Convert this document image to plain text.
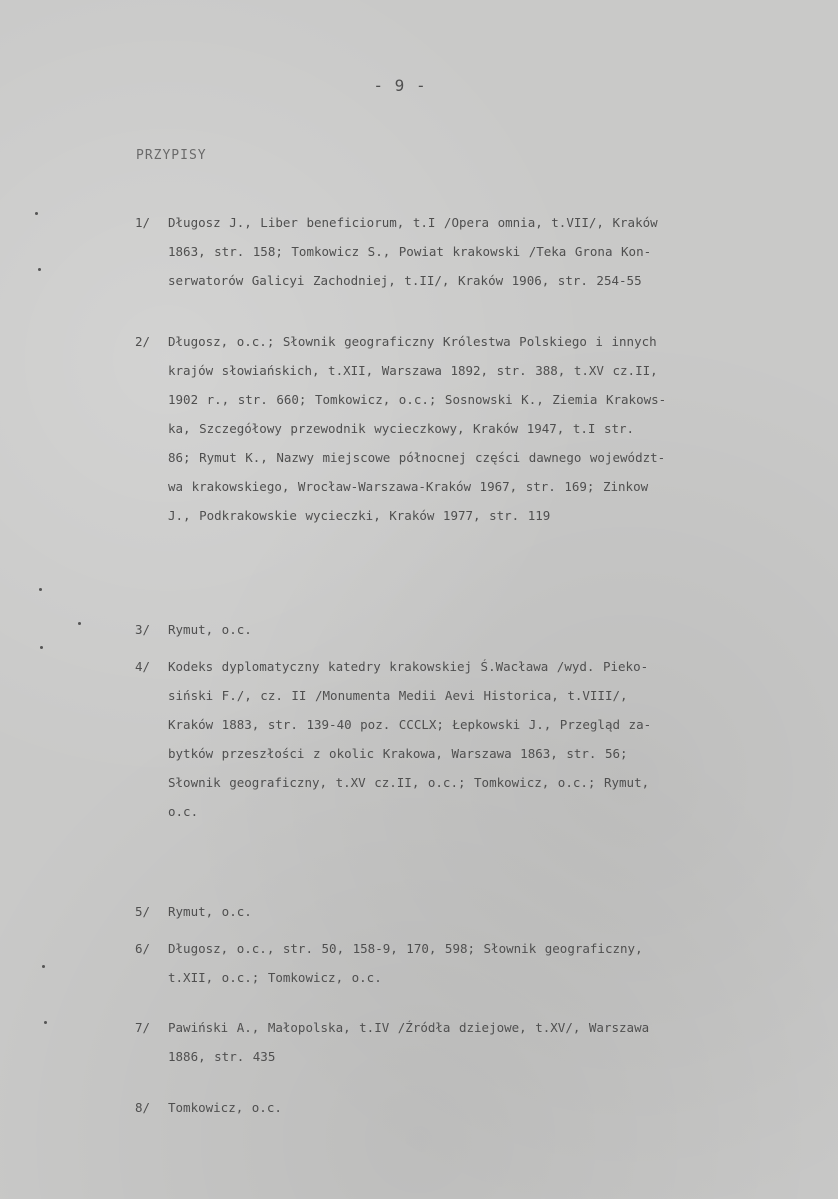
- 9 -
PRZYPISY
1/	Długosz J., Liber beneficiorum, t.I /Opera omnia, t.VII/, Kraków
1863, str. 158; Tomkowicz S., Powiat krakowski /Teka Grona Kon-
serwatorów Galicyi Zachodniej, t.II/, Kraków 1906, str. 254-55
2/	Długosz, o.c.; Słownik geograficzny Królestwa Polskiego i innych
krajów słowiańskich, t.XII, Warszawa 1892, str. 388, t.XV cz.II,
1902 r., str. 660; Tomkowicz, o.c.; Sosnowski K., Ziemia Krakows-
ka, Szczegółowy przewodnik wycieczkowy, Kraków 1947, t.I str.
86; Rymut K., Nazwy miejscowe północnej części dawnego województ-
wa krakowskiego, Wrocław-Warszawa-Kraków 1967, str. 169; Zinkow
J., Podkrakowskie wycieczki, Kraków 1977, str. 119
3/	Rymut, o.c.
4/	Kodeks dyplomatyczny katedry krakowskiej Ś.Wacława /wyd. Pieko-
siński F./, cz. II /Monumenta Medii Aevi Historica, t.VIII/,
Kraków 1883, str. 139-40 poz. CCCLX; Łepkowski J., Przegląd za-
bytków przeszłości z okolic Krakowa, Warszawa 1863, str. 56;
Słownik geograficzny, t.XV cz.II, o.c.; Tomkowicz, o.c.; Rymut,
o.c.
5/	Rymut, o.c.
6/	Długosz, o.c., str. 50, 158-9, 170, 598; Słownik geograficzny,
t.XII, o.c.; Tomkowicz, o.c.
7/	Pawiński A., Małopolska, t.IV /Źródła dziejowe, t.XV/, Warszawa
1886, str. 435
8/	Tomkowicz, o.c.
